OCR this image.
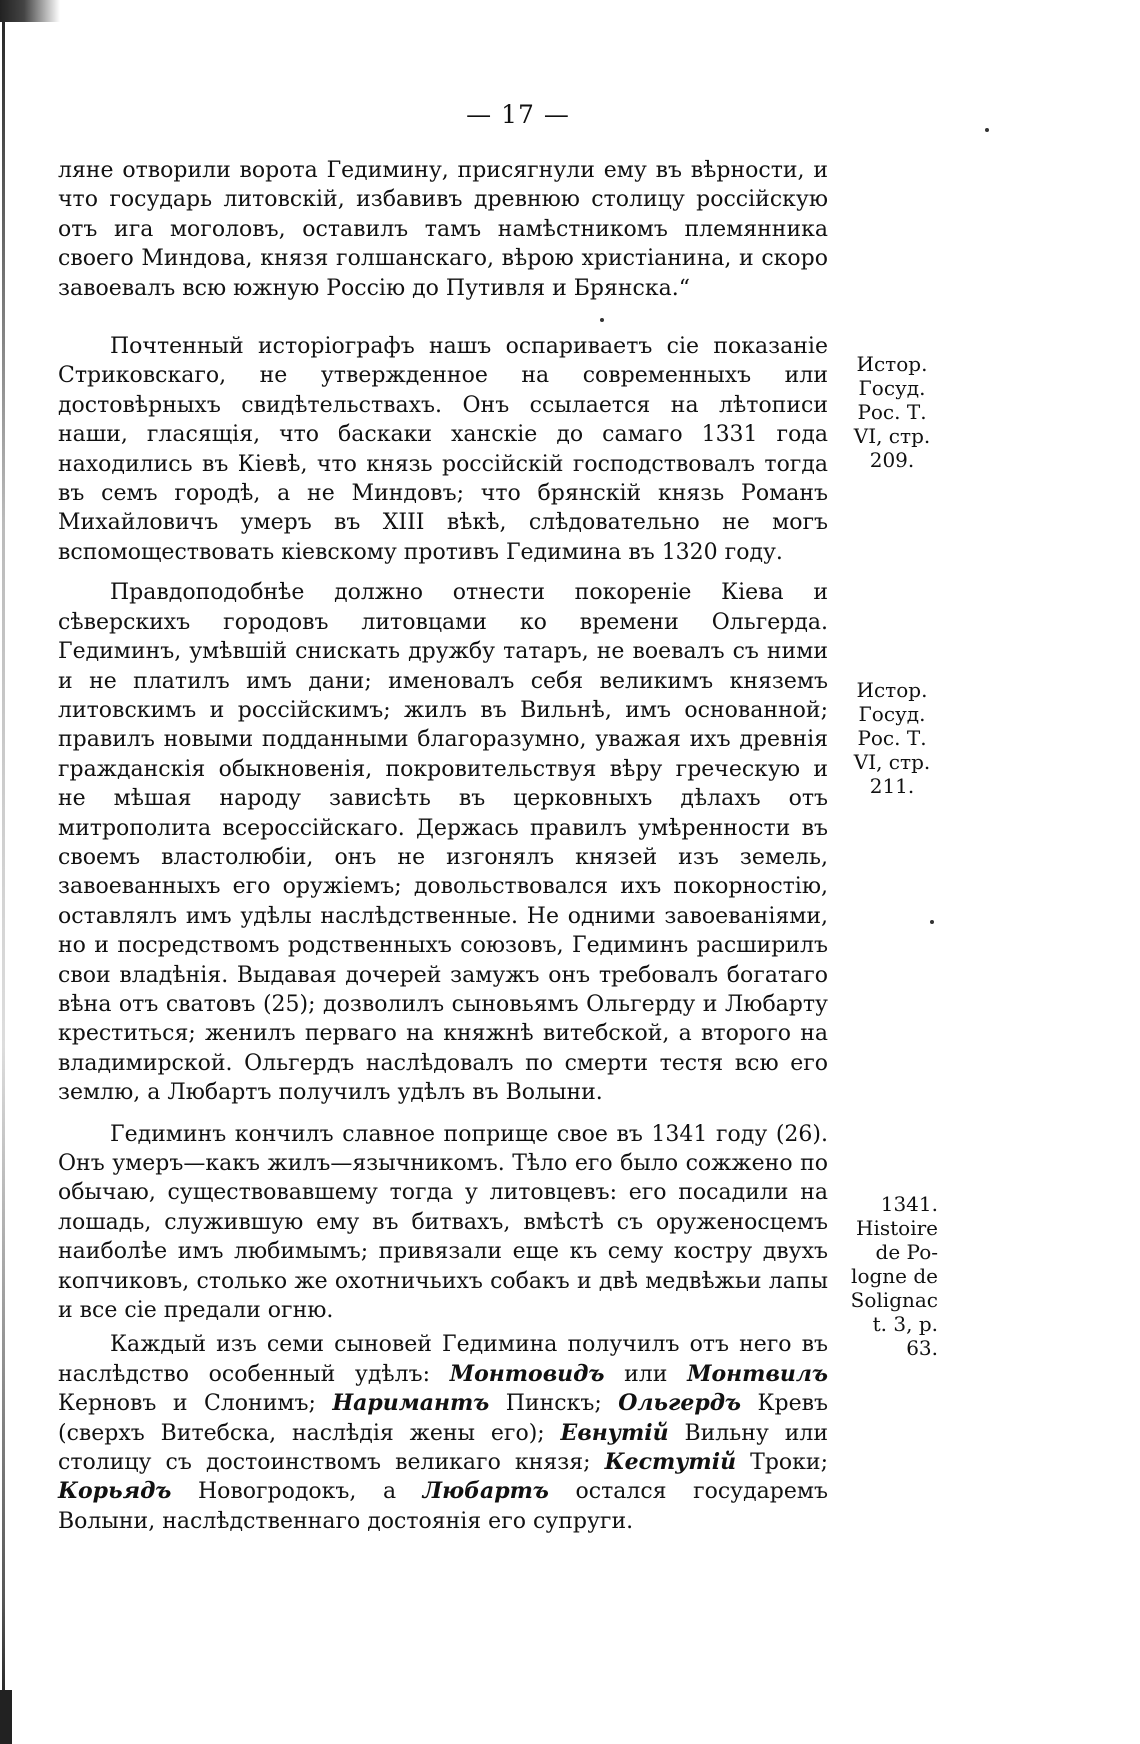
— 17 —

ляне отворили ворота Гедимину, присягнули ему въ вѣрности, и что государь литовскій, избавивъ древнюю столицу россійскую отъ ига моголовъ, оставилъ тамъ намѣстникомъ племянника своего Миндова, князя голшанскаго, вѣрою христіанина, и скоро завоевалъ всю южную Россію до Путивля и Брянска.“

Почтенный исторіографъ нашъ оспариваетъ сіе показаніе Стриковскаго, не утвержденное на современныхъ или достовѣрныхъ свидѣтельствахъ. Онъ ссылается на лѣтописи наши, гласящія, что баскаки ханскіе до самаго 1331 года находились въ Кіевѣ, что князь россійскій господствовалъ тогда въ семъ городѣ, а не Миндовъ; что брянскій князь Романъ Михайловичъ умеръ въ XIII вѣкѣ, слѣдовательно не могъ вспомоществовать кіевскому противъ Гедимина въ 1320 году.

Правдоподобнѣе должно отнести покореніе Кіева и сѣверскихъ городовъ литовцами ко времени Ольгерда. Гедиминъ, умѣвшій снискать дружбу татаръ, не воевалъ съ ними и не платилъ имъ дани; именовалъ себя великимъ княземъ литовскимъ и россійскимъ; жилъ въ Вильнѣ, имъ основанной; правилъ новыми подданными благоразумно, уважая ихъ древнія гражданскія обыкновенія, покровительствуя вѣру греческую и не мѣшая народу зависѣть въ церковныхъ дѣлахъ отъ митрополита всероссійскаго. Держась правилъ умѣренности въ своемъ властолюбіи, онъ не изгонялъ князей изъ земель, завоеванныхъ его оружіемъ; довольствовался ихъ покорностію, оставлялъ имъ удѣлы наслѣдственные. Не одними завоеваніями, но и посредствомъ родственныхъ союзовъ, Гедиминъ расширилъ свои владѣнія. Выдавая дочерей замужъ онъ требовалъ богатаго вѣна отъ сватовъ (25); дозволилъ сыновьямъ Ольгерду и Любарту креститься; женилъ перваго на княжнѣ витебской, а второго на владимирской. Ольгердъ наслѣдовалъ по смерти тестя всю его землю, а Любартъ получилъ удѣлъ въ Волыни.

Гедиминъ кончилъ славное поприще свое въ 1341 году (26). Онъ умеръ—какъ жилъ—язычникомъ. Тѣло его было сожжено по обычаю, существовавшему тогда у литовцевъ: его посадили на лошадь, служившую ему въ битвахъ, вмѣстѣ съ оруженосцемъ наиболѣе имъ любимымъ; привязали еще къ сему костру двухъ копчиковъ, столько же охотничьихъ собакъ и двѣ медвѣжьи лапы и все сіе предали огню.

Каждый изъ семи сыновей Гедимина получилъ отъ него въ наслѣдство особенный удѣлъ: Монтовидъ или Монтвилъ Керновъ и Слонимъ; Наримантъ Пинскъ; Ольгердъ Кревъ (сверхъ Витебска, наслѣдія жены его); Евнутій Вильну или столицу съ достоинствомъ великаго князя; Кестутій Троки; Корьядъ Новогродокъ, а Любартъ остался государемъ Волыни, наслѣдственнаго достоянія его супруги.

Истор.
Госуд.
Рос. Т.
VI, стр.
209.
Истор.
Госуд.
Рос. Т.
VI, стр.
211.
1341.
Histoire
de Po-
logne de
Solignac
t. 3, p. 63.
